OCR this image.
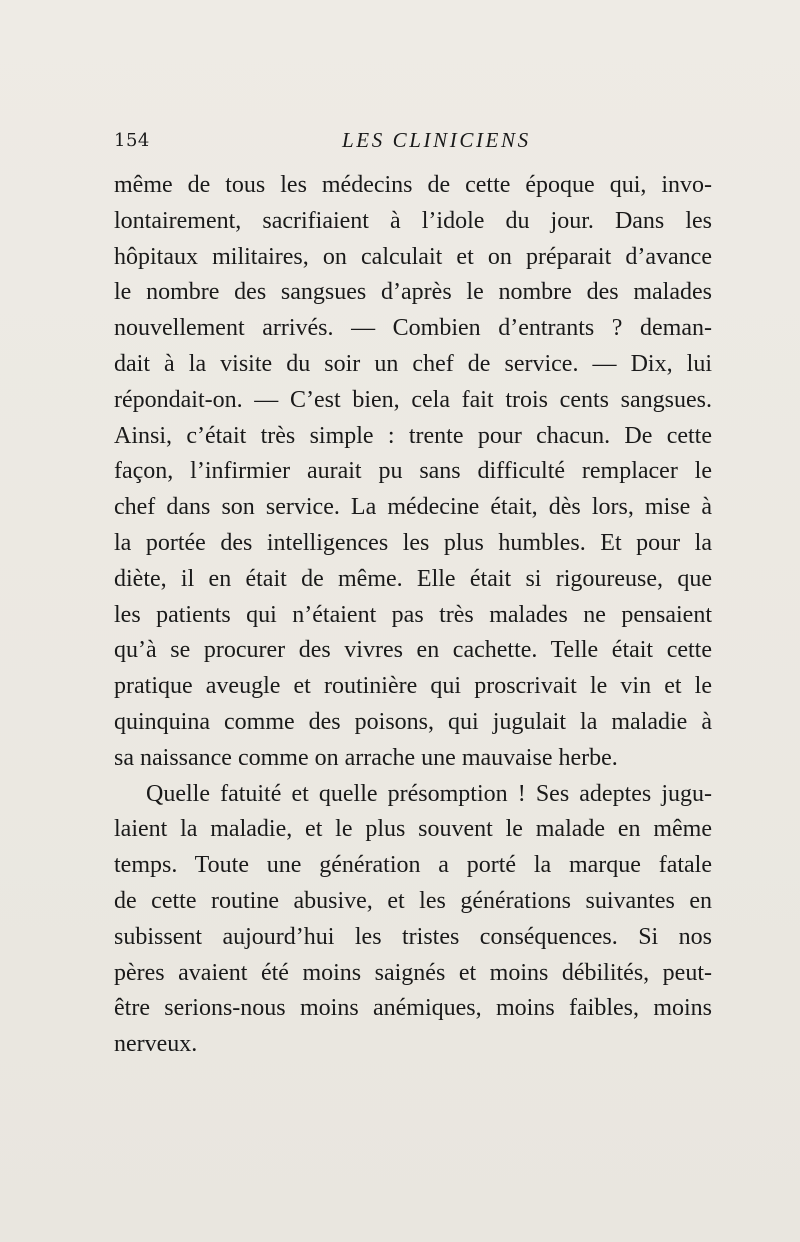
154	LES CLINICIENS
même de tous les médecins de cette époque qui, invo-
lontairement, sacrifiaient à l’idole du jour. Dans les
hôpitaux militaires, on calculait et on préparait d’avance
le nombre des sangsues d’après le nombre des malades
nouvellement arrivés. — Combien d’entrants ? deman-
dait à la visite du soir un chef de service. — Dix, lui
répondait-on. — C’est bien, cela fait trois cents sangsues.
Ainsi, c’était très simple : trente pour chacun. De cette
façon, l’infirmier aurait pu sans difficulté remplacer le
chef dans son service. La médecine était, dès lors, mise à
la portée des intelligences les plus humbles. Et pour la
diète, il en était de même. Elle était si rigoureuse, que
les patients qui n’étaient pas très malades ne pensaient
qu’à se procurer des vivres en cachette. Telle était cette
pratique aveugle et routinière qui proscrivait le vin et le
quinquina comme des poisons, qui jugulait la maladie à
sa naissance comme on arrache une mauvaise herbe.
Quelle fatuité et quelle présomption ! Ses adeptes jugu-
laient la maladie, et le plus souvent le malade en même
temps. Toute une génération a porté la marque fatale
de cette routine abusive, et les générations suivantes en
subissent aujourd’hui les tristes conséquences. Si nos
pères avaient été moins saignés et moins débilités, peut-
être serions-nous moins anémiques, moins faibles, moins
nerveux.
